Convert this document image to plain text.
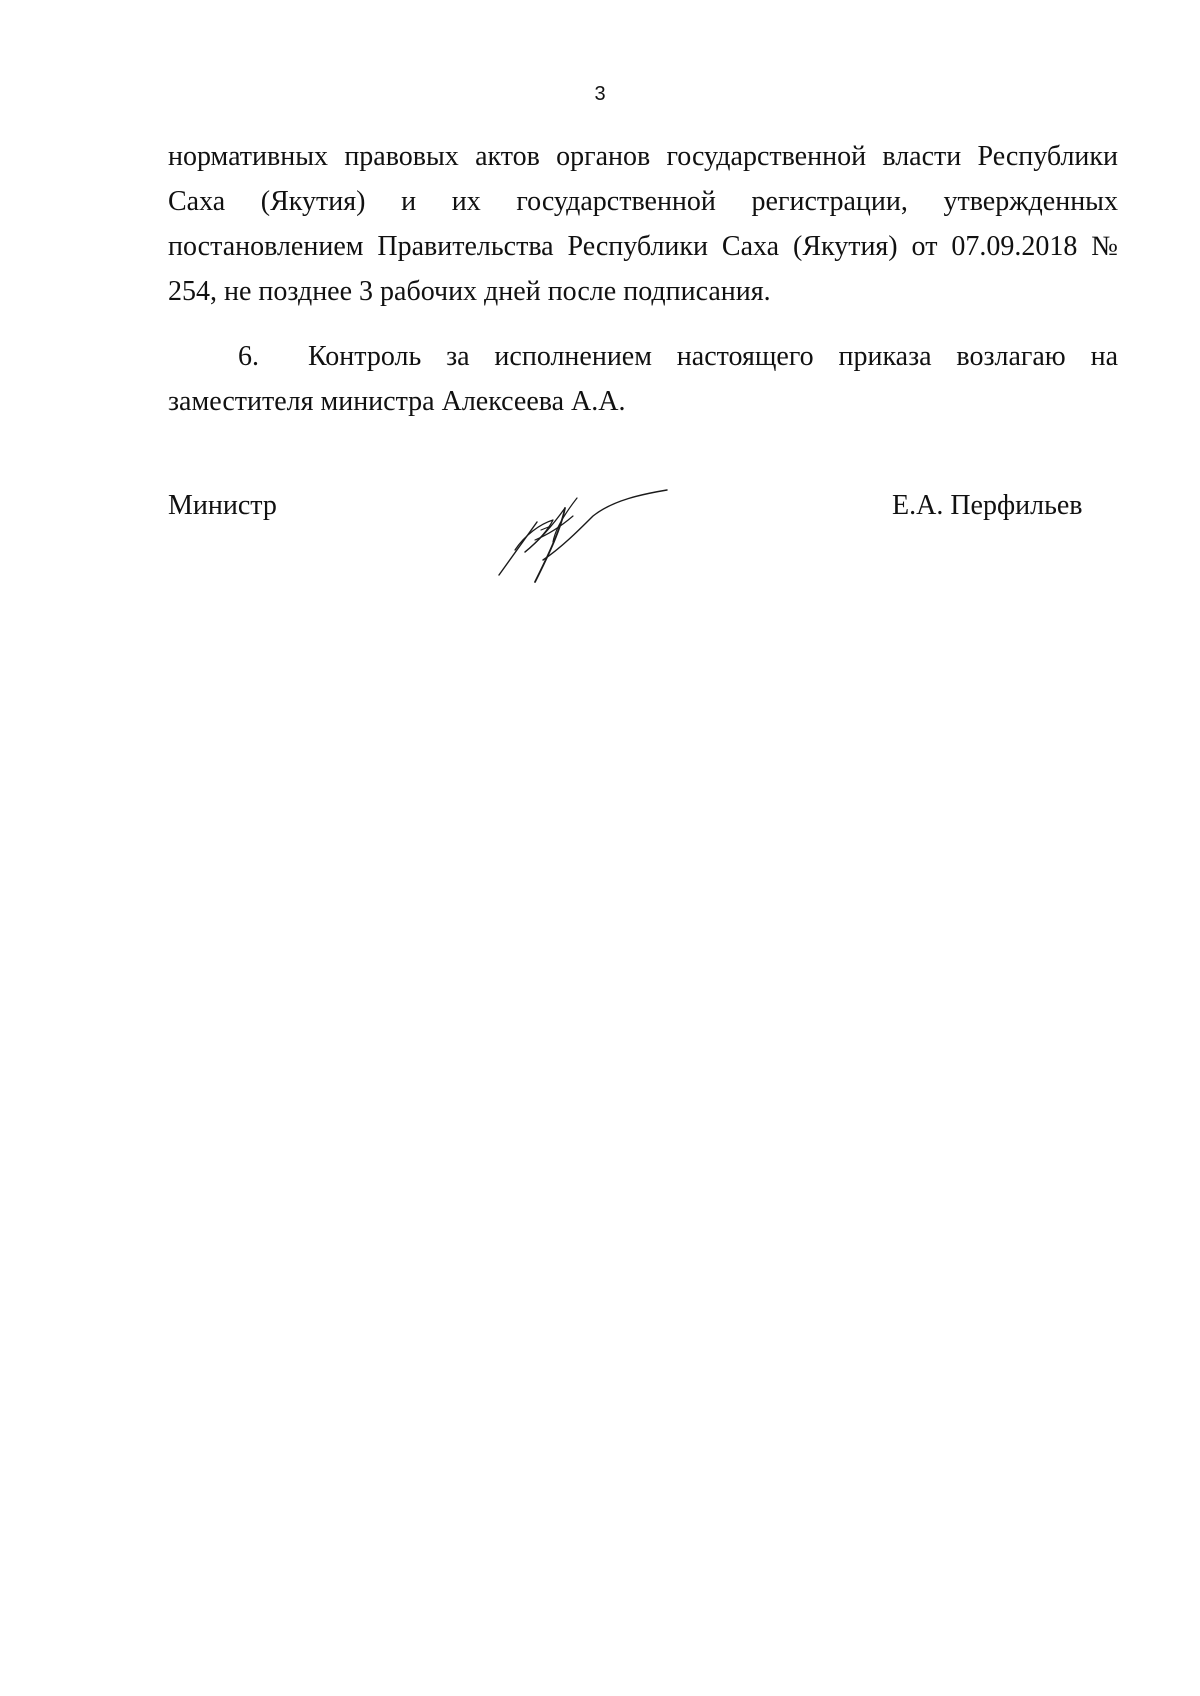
3
нормативных правовых актов органов государственной власти Республики
Саха (Якутия) и их государственной регистрации, утвержденных
постановлением Правительства Республики Саха (Якутия) от 07.09.2018 №
254, не позднее 3 рабочих дней после подписания.
6. Контроль за исполнением настоящего приказа возлагаю на
заместителя министра Алексеева А.А.
Министр	Е.А. Перфильев
